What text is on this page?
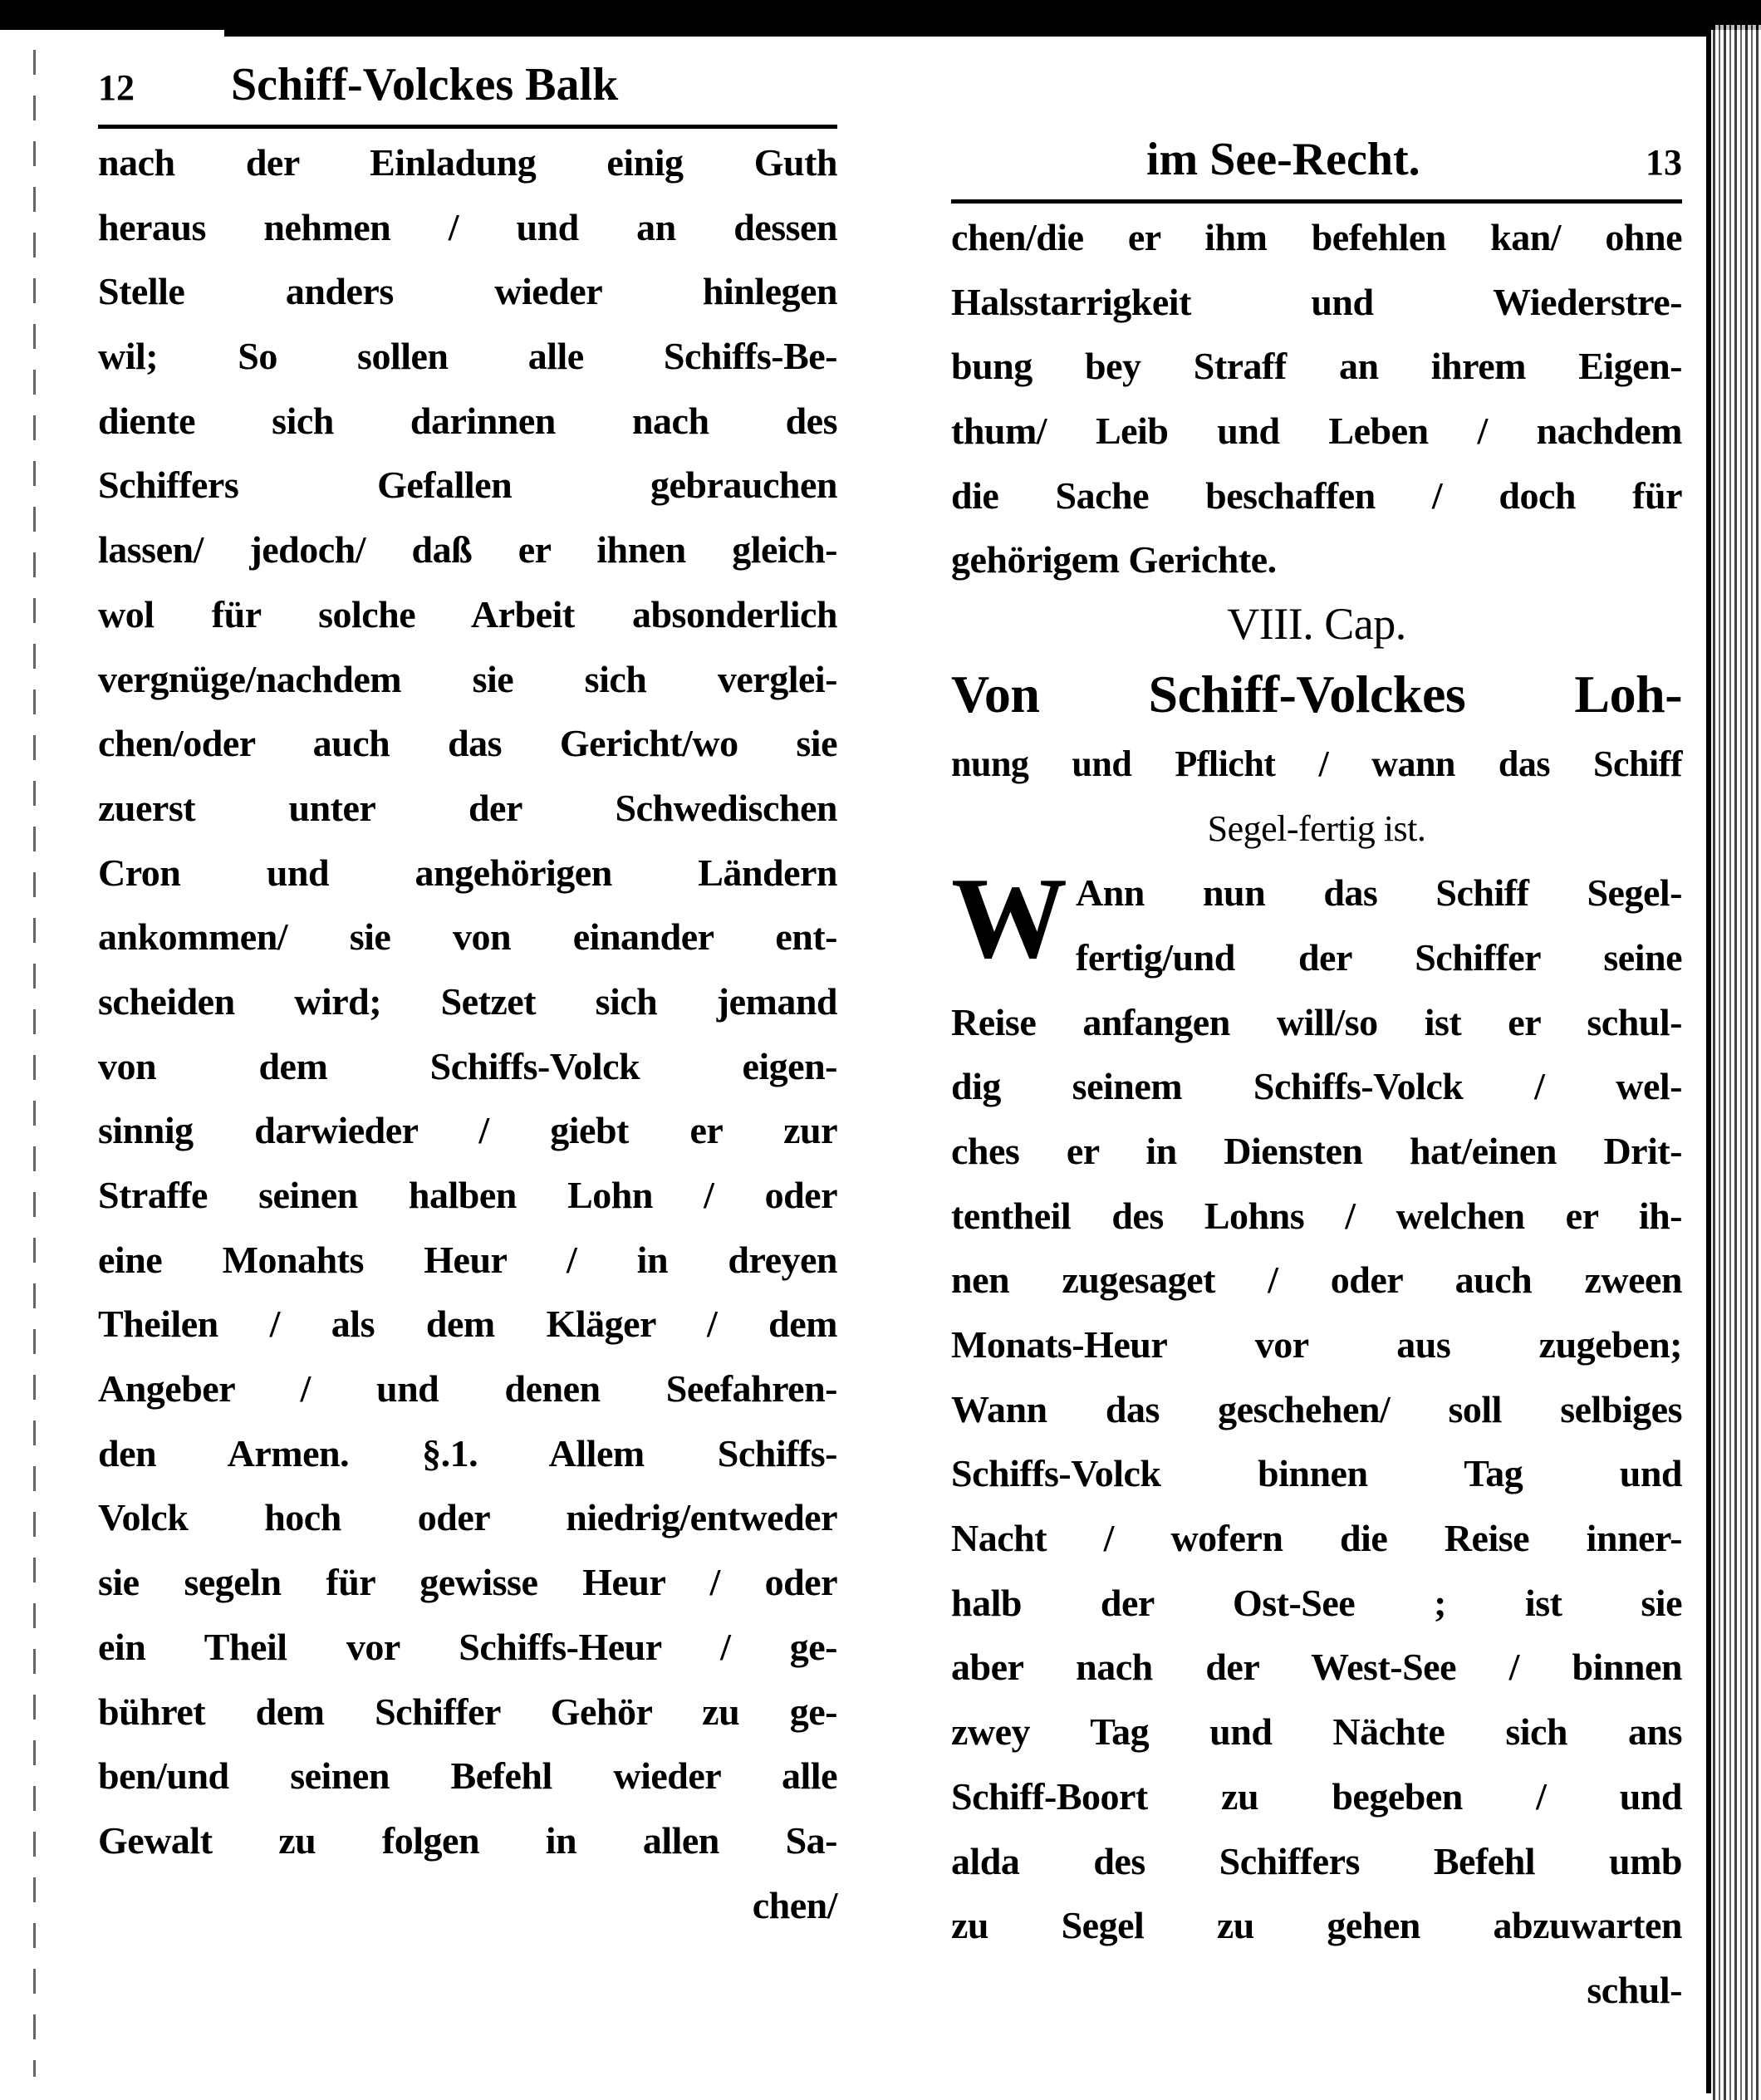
12 Schiff-Volckes Balk
nach der Einladung einig Guth
heraus nehmen / und an dessen
Stelle anders wieder hinlegen
wil; So sollen alle Schiffs-Be-
diente sich darinnen nach des
Schiffers Gefallen gebrauchen
lassen/ jedoch/ daß er ihnen gleich-
wol für solche Arbeit absonderlich
vergnüge/nachdem sie sich verglei-
chen/oder auch das Gericht/wo sie
zuerst unter der Schwedischen
Cron und angehörigen Ländern
ankommen/ sie von einander ent-
scheiden wird; Setzet sich jemand
von dem Schiffs-Volck eigen-
sinnig darwieder / giebt er zur
Straffe seinen halben Lohn / oder
eine Monahts Heur / in dreyen
Theilen / als dem Kläger / dem
Angeber / und denen Seefahren-
den Armen. §.1. Allem Schiffs-
Volck hoch oder niedrig/entweder
sie segeln für gewisse Heur / oder
ein Theil vor Schiffs-Heur / ge-
bühret dem Schiffer Gehör zu ge-
ben/und seinen Befehl wieder alle
Gewalt zu folgen in allen Sa-
chen/
im See-Recht.	13
chen/die er ihm befehlen kan/ ohne
Halsstarrigkeit und Wiederstre-
bung bey Straff an ihrem Eigen-
thum/ Leib und Leben / nachdem
die Sache beschaffen / doch für
gehörigem Gerichte.
VIII. Cap.
Von Schiff-Volckes Loh-
nung und Pflicht / wann das Schiff
Segel-fertig ist.
W Ann nun das Schiff Segel-
fertig/und der Schiffer seine
Reise anfangen will/so ist er schul-
dig seinem Schiffs-Volck / wel-
ches er in Diensten hat/einen Drit-
tentheil des Lohns / welchen er ih-
nen zugesaget / oder auch zween
Monats-Heur vor aus zugeben;
Wann das geschehen/ soll selbiges
Schiffs-Volck binnen Tag und
Nacht / wofern die Reise inner-
halb der Ost-See ; ist sie
aber nach der West-See / binnen
zwey Tag und Nächte sich ans
Schiff-Boort zu begeben / und
alda des Schiffers Befehl umb
zu Segel zu gehen abzuwarten
schul-
